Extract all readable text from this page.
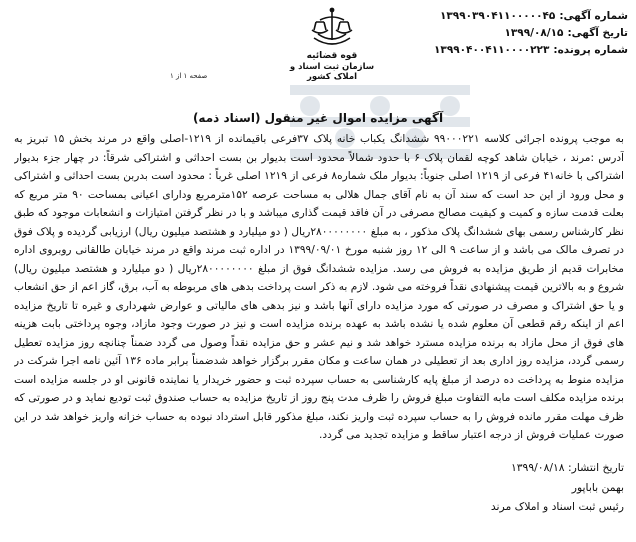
شماره آگهی:۱۳۹۹۰۳۹۰۴۱۱۰۰۰۰۰۴۵
تاریخ آگهی:۱۳۹۹/۰۸/۱۵
شماره پرونده:۱۳۹۹۰۴۰۰۴۱۱۰۰۰۰۲۲۳
قوه قضائیه
سازمان ثبت اسناد و املاک کشور
صفحه ۱ از ۱
آگهی مزایده اموال غیر منقول (اسناد ذمه)
به موجب پرونده اجرائی کلاسه ۹۹۰۰۰۲۲۱ ششدانگ یکباب خانه پلاک ۳۷فرعی باقیمانده از ۱۲۱۹-اصلی واقع در مرند بخش ۱۵ تبریز به آدرس :مرند ، خیابان شاهد کوچه لقمان پلاک ۶ با حدود شمالاً محدود است بدیوار بن بست احداثی و اشتراکی شرقاً: در چهار جزء بدیوار اشتراکی با خانه۴۱ فرعی از ۱۲۱۹ اصلی جنوباً: بدیوار ملک شماره۸ فرعی از ۱۲۱۹ اصلی غرباً : محدود است بدربن بست احداثی و اشتراکی و محل ورود از این حد است که سند آن به نام آقای جمال هلالی به مساحت عرصه ۱۵۲مترمربع ودارای اعیانی بمساحت ۹۰ متر مربع که بعلت قدمت سازه و کمیت و کیفیت مصالح مصرفی در آن فاقد قیمت گذاری میباشد و با در نظر گرفتن امتیازات و انشعابات موجود که طبق نظر کارشناس رسمی بهای ششدانگ پلاک مذکور ، به مبلغ ۲۸۰۰۰۰۰۰۰۰ریال ( دو میلیارد و هشتصد میلیون ریال) ارزیابی گردیده و پلاک فوق در تصرف مالک می باشد و از ساعت ۹ الی ۱۲ روز شنبه مورخ ۱۳۹۹/۰۹/۰۱ در اداره ثبت مرند واقع در مرند خیابان طالقانی روبروی اداره مخابرات قدیم از طریق مزایده به فروش می رسد. مزایده ششدانگ فوق از مبلغ ۲۸۰۰۰۰۰۰۰۰ریال ( دو میلیارد و هشتصد میلیون ریال) شروع و به بالاترین قیمت پیشنهادی نقداً فروخته می شود. لازم به ذکر است پرداخت بدهی های مربوطه به آب، برق، گاز اعم از حق انشعاب و یا حق اشتراک و مصرف در صورتی که مورد مزایده دارای آنها باشد و نیز بدهی های مالیاتی و عوارض شهرداری و غیره تا تاریخ مزایده اعم از اینکه رقم قطعی آن معلوم شده یا نشده باشد به عهده برنده مزایده است و نیز در صورت وجود مازاد، وجوه پرداختی بابت هزینه های فوق از محل مازاد به برنده مزایده مسترد خواهد شد و نیم عشر و حق مزایده نقداً وصول می گردد ضمناً چنانچه روز مزایده تعطیل رسمی گردد، مزایده روز اداری بعد از تعطیلی در همان ساعت و مکان مقرر برگزار خواهد شدضمناً برابر ماده ۱۳۶ آئین نامه اجرا شرکت در مزایده منوط به پرداخت ده درصد از مبلغ پایه کارشناسی به حساب سپرده ثبت و حضور خریدار یا نماینده قانونی او در جلسه مزایده است برنده مزایده مکلف است مابه التفاوت مبلغ فروش را ظرف مدت پنج روز از تاریخ مزایده به حساب صندوق ثبت تودیع نماید و در صورتی که ظرف مهلت مقرر مانده فروش را به حساب سپرده ثبت واریز نکند، مبلغ مذکور قابل استرداد نبوده به حساب خزانه واریز خواهد شد در این صورت عملیات فروش از درجه اعتبار ساقط و مزایده تجدید می گردد.
تاریخ انتشار: ۱۳۹۹/۰۸/۱۸
بهمن باباپور
رئیس ثبت اسناد و املاک مرند
